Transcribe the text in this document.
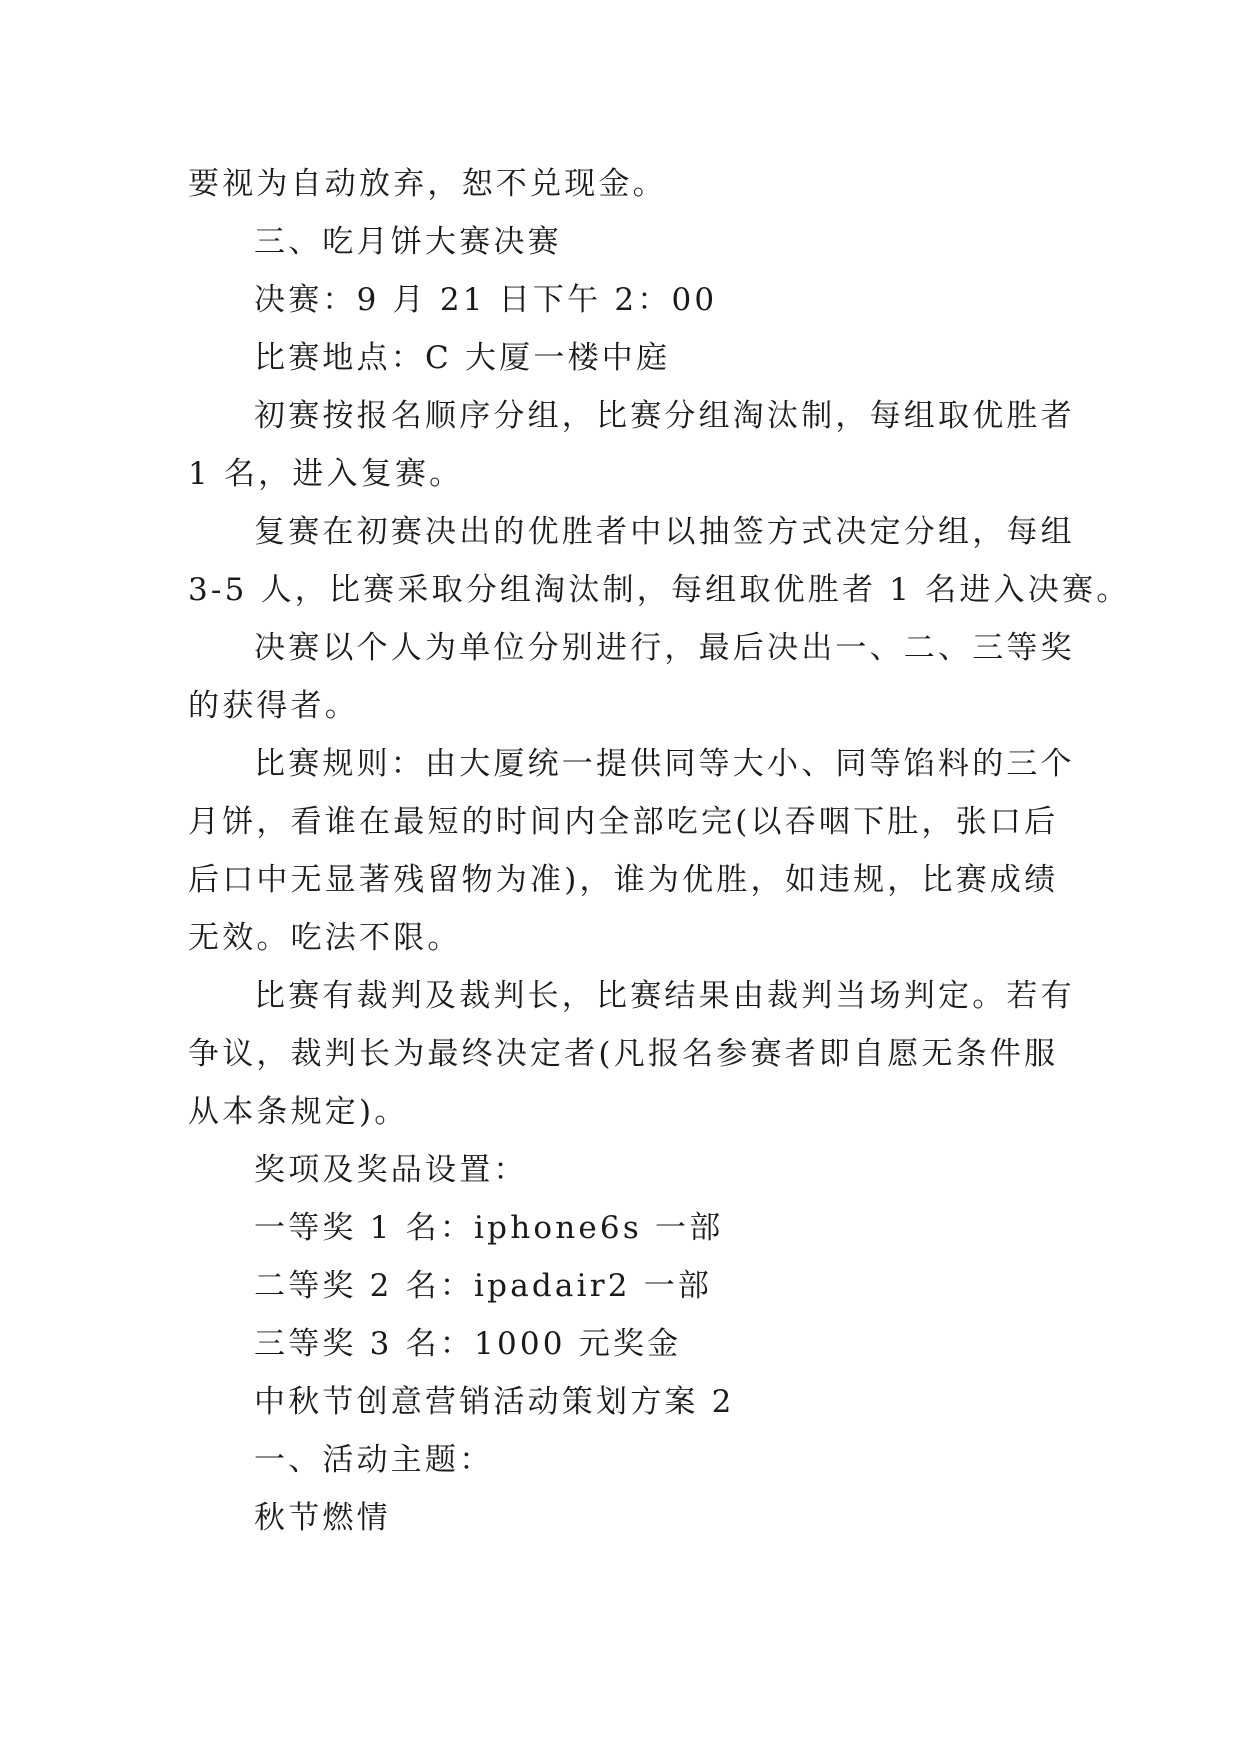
要视为自动放弃，恕不兑现金。
三、吃月饼大赛决赛
决赛：9 月 21 日下午 2：00
比赛地点：C 大厦一楼中庭
初赛按报名顺序分组，比赛分组淘汰制，每组取优胜者
1 名，进入复赛。
复赛在初赛决出的优胜者中以抽签方式决定分组，每组
3-5 人，比赛采取分组淘汰制，每组取优胜者 1 名进入决赛。
决赛以个人为单位分别进行，最后决出一、二、三等奖
的获得者。
比赛规则：由大厦统一提供同等大小、同等馅料的三个
月饼，看谁在最短的时间内全部吃完(以吞咽下肚，张口后
后口中无显著残留物为准)，谁为优胜，如违规，比赛成绩
无效。吃法不限。
比赛有裁判及裁判长，比赛结果由裁判当场判定。若有
争议，裁判长为最终决定者(凡报名参赛者即自愿无条件服
从本条规定)。
奖项及奖品设置：
一等奖 1 名：iphone6s 一部
二等奖 2 名：ipadair2 一部
三等奖 3 名：1000 元奖金
中秋节创意营销活动策划方案 2
一、活动主题：
秋节燃情
